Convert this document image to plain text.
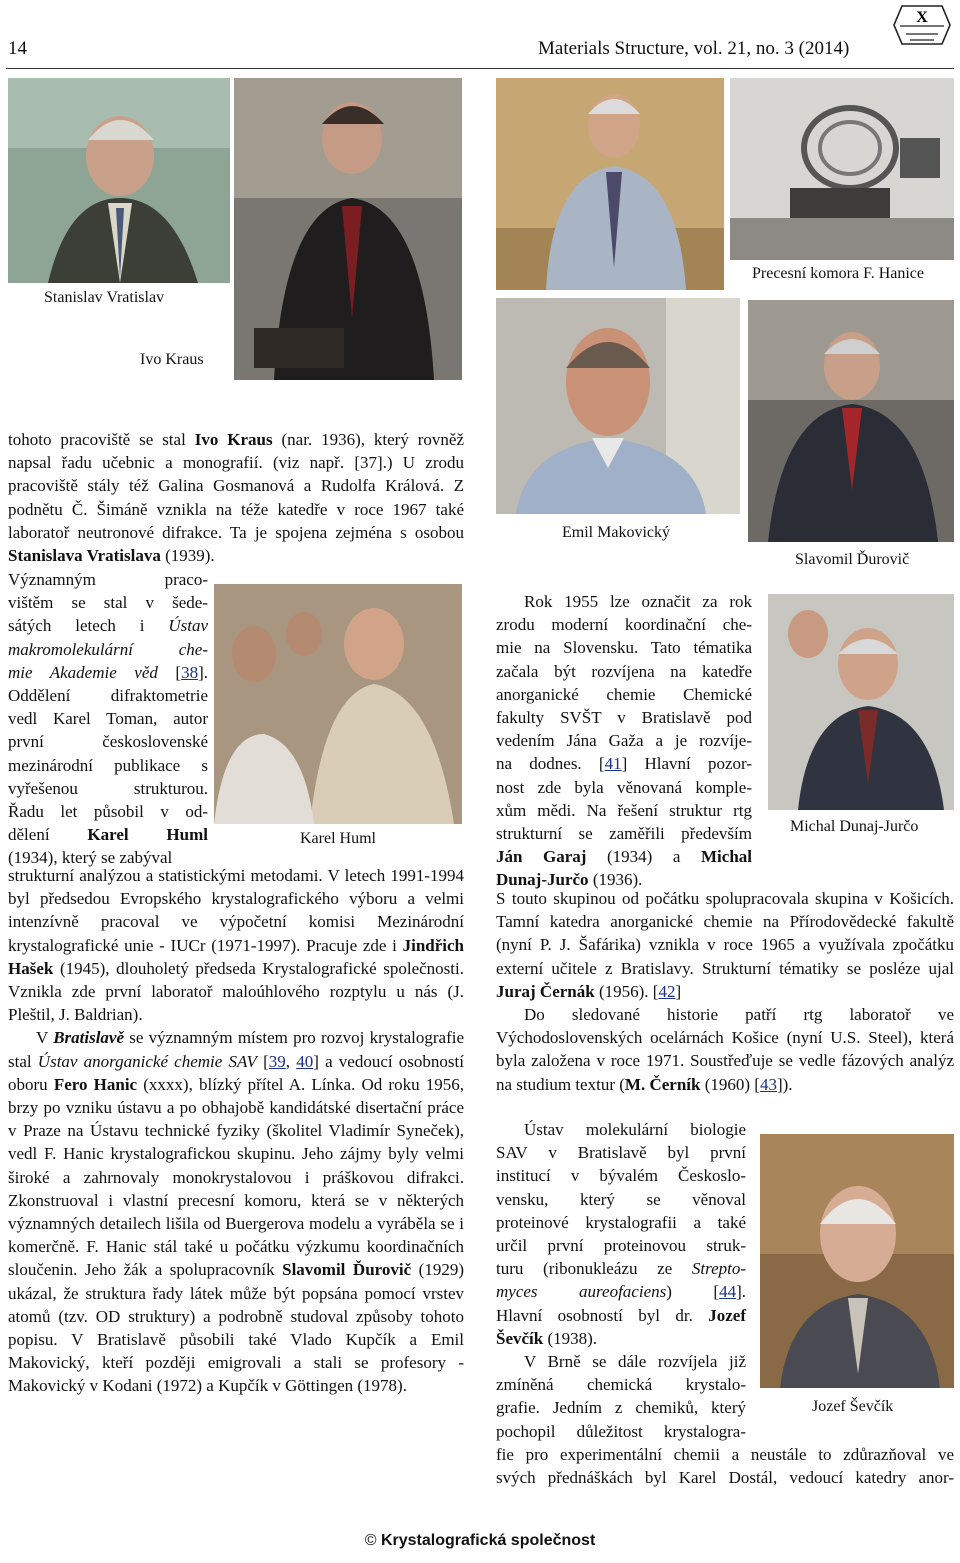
14	Materials Structure, vol. 21, no. 3 (2014)
X
Stanislav Vratislav
Ivo Kraus
Precesní komora F. Hanice
Emil Makovický
Slavomil Ďurovič
Karel Huml
Michal Dunaj-Jurčo
Jozef Ševčík

tohoto pracoviště se stal Ivo Kraus (nar. 1936), který rovněž napsal řadu učebnic a monografií. (viz např. [37].) U zrodu pracoviště stály též Galina Gosmanová a Rudolfa Králová. Z podnětu Č. Šimáně vznikla na téže katedře v roce 1967 také laboratoř neutronové difrakce. Ta je spojena zejména s osobou Stanislava Vratislava (1939).

Významným praco-

vištěm se stal v šede-

sátých letech i Ústav

makromolekulární che-

mie Akademie věd [38].

Oddělení difraktometrie

vedl Karel Toman, autor

první československé

mezinárodní publikace s

vyřešenou strukturou.

Řadu let působil v od-

dělení Karel Huml

(1934), který se zabýval

strukturní analýzou a statistickými metodami. V letech 1991-1994 byl předsedou Evropského krystalografického výboru a velmi intenzívně pracoval ve výpočetní komisi Mezinárodní krystalografické unie - IUCr (1971-1997). Pracuje zde i Jindřich Hašek (1945), dlouholetý předseda Krystalografické společnosti. Vznikla zde první laboratoř maloúhlového rozptylu u nás (J. Pleštil, J. Baldrian).

V Bratislavě se významným místem pro rozvoj krystalografie stal Ústav anorganické chemie SAV [39, 40] a vedoucí osobností oboru Fero Hanic (xxxx), blízký přítel A. Línka. Od roku 1956, brzy po vzniku ústavu a po obhajobě kandidátské disertační práce v Praze na Ústavu technické fyziky (školitel Vladimír Syneček), vedl F. Hanic krystalografickou skupinu. Jeho zájmy byly velmi široké a zahrnovaly monokrystalovou i práškovou difrakci. Zkonstruoval i vlastní precesní komoru, která se v některých významných detailech lišila od Buergerova modelu a vyráběla se i komerčně. F. Hanic stál také u počátku výzkumu koordinačních sloučenin. Jeho žák a spolupracovník Slavomil Ďurovič (1929) ukázal, že struktura řady látek může být popsána pomocí vrstev atomů (tzv. OD struktury) a podrobně studoval způsoby tohoto popisu. V Bratislavě působili také Vlado Kupčík a Emil Makovický, kteří později emigrovali a stali se profesory - Makovický v Kodani (1972) a Kupčík v Göttingen (1978).

Rok 1955 lze označit za rok

zrodu moderní koordinační che-

mie na Slovensku. Tato tématika

začala být rozvíjena na katedře

anorganické chemie Chemické

fakulty SVŠT v Bratislavě pod

vedením Jána Gaža a je rozvíje-

na dodnes. [41] Hlavní pozor-

nost zde byla věnovaná komple-

xům mědi. Na řešení struktur rtg

strukturní se zaměřili především

Ján Garaj (1934) a Michal

Dunaj-Jurčo (1936).

S touto skupinou od počátku spolupracovala skupina v Košicích. Tamní katedra anorganické chemie na Přírodovědecké fakultě (nyní P. J. Šafárika) vznikla v roce 1965 a využívala zpočátku externí učitele z Bratislavy. Strukturní tématiky se posléze ujal Juraj Černák (1956). [42]

Do sledované historie patří rtg laboratoř ve Východoslovenských ocelárnách Košice (nyní U.S. Steel), která byla založena v roce 1971. Soustřeďuje se vedle fázových analýz na studium textur (M. Černík (1960) [43]).

Ústav molekulární biologie

SAV v Bratislavě byl první

institucí v bývalém Českoslo-

vensku, který se věnoval

proteinové krystalografii a také

určil první proteinovou struk-

turu (ribonukleázu ze Strepto-

myces aureofaciens) [44].

Hlavní osobností byl dr. Jozef

Ševčík (1938).

V Brně se dále rozvíjela již

zmíněná chemická krystalo-

grafie. Jedním z chemiků, který

pochopil důležitost krystalogra-

fie pro experimentální chemii a neustále to zdůrazňoval ve

svých přednáškách byl Karel Dostál, vedoucí katedry anor-

© Krystalografická společnost
